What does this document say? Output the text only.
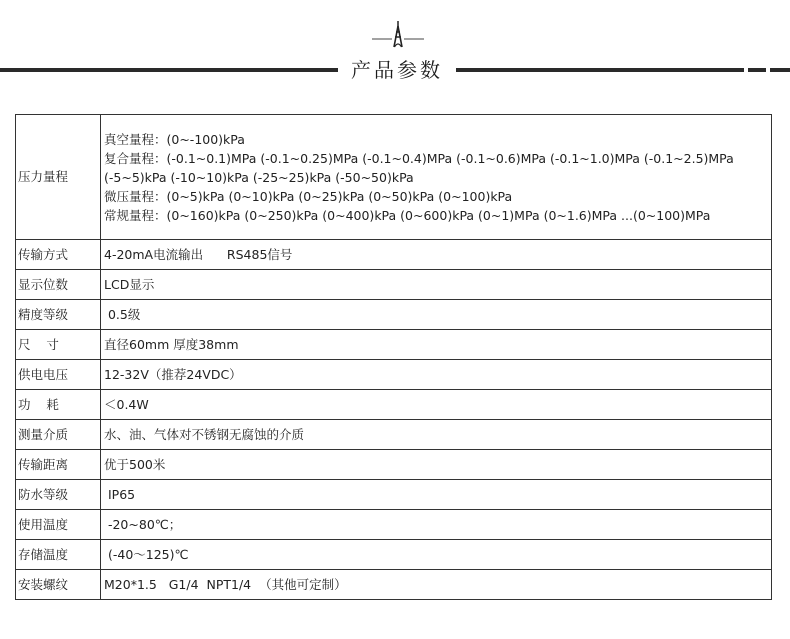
产品参数
压力量程	真空量程：(0~-100)kPa
复合量程：(-0.1~0.1)MPa (-0.1~0.25)MPa (-0.1~0.4)MPa (-0.1~0.6)MPa (-0.1~1.0)MPa (-0.1~2.5)MPa
(-5~5)kPa (-10~10)kPa (-25~25)kPa (-50~50)kPa
微压量程：(0~5)kPa (0~10)kPa (0~25)kPa (0~50)kPa (0~100)kPa
常规量程：(0~160)kPa (0~250)kPa (0~400)kPa (0~600)kPa (0~1)MPa (0~1.6)MPa ...(0~100)MPa

传输方式	4-20mA电流输出      RS485信号
显示位数	LCD显示
精度等级	0.5级
尺    寸	直径60mm 厚度38mm
供电电压	12-32V（推荐24VDC）
功    耗	＜0.4W
测量介质	水、油、气体对不锈钢无腐蚀的介质
传输距离	优于500米
防水等级	IP65
使用温度	-20~80℃；
存储温度	(-40～125)℃
安装螺纹	M20*1.5   G1/4  NPT1/4  （其他可定制）
